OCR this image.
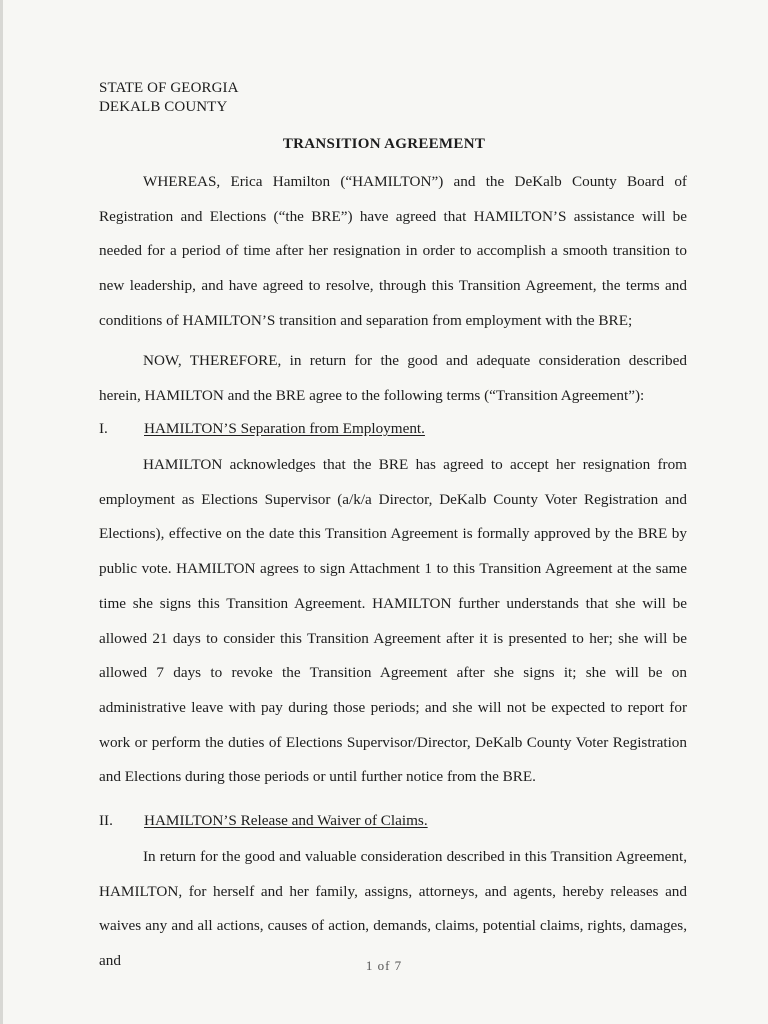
STATE OF GEORGIA
DEKALB COUNTY
TRANSITION AGREEMENT
WHEREAS, Erica Hamilton (“HAMILTON”) and the DeKalb County Board of Registration and Elections (“the BRE”) have agreed that HAMILTON’S assistance will be needed for a period of time after her resignation in order to accomplish a smooth transition to new leadership, and have agreed to resolve, through this Transition Agreement, the terms and conditions of HAMILTON’S transition and separation from employment with the BRE;
NOW, THEREFORE, in return for the good and adequate consideration described herein, HAMILTON and the BRE agree to the following terms (“Transition Agreement”):
I. HAMILTON’S Separation from Employment.
HAMILTON acknowledges that the BRE has agreed to accept her resignation from employment as Elections Supervisor (a/k/a Director, DeKalb County Voter Registration and Elections), effective on the date this Transition Agreement is formally approved by the BRE by public vote. HAMILTON agrees to sign Attachment 1 to this Transition Agreement at the same time she signs this Transition Agreement. HAMILTON further understands that she will be allowed 21 days to consider this Transition Agreement after it is presented to her; she will be allowed 7 days to revoke the Transition Agreement after she signs it; she will be on administrative leave with pay during those periods; and she will not be expected to report for work or perform the duties of Elections Supervisor/Director, DeKalb County Voter Registration and Elections during those periods or until further notice from the BRE.
II. HAMILTON’S Release and Waiver of Claims.
In return for the good and valuable consideration described in this Transition Agreement, HAMILTON, for herself and her family, assigns, attorneys, and agents, hereby releases and waives any and all actions, causes of action, demands, claims, potential claims, rights, damages, and	1 of 7
